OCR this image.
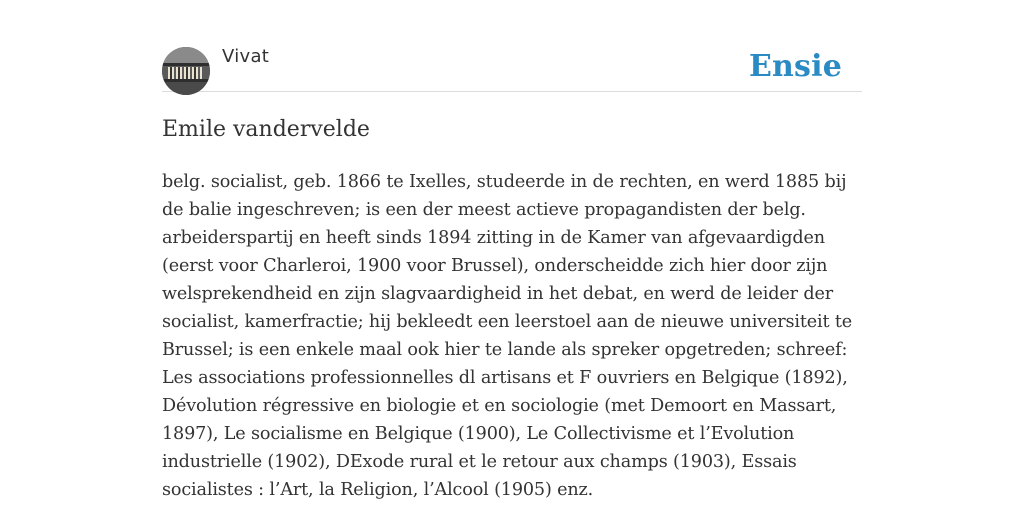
Vivat	Ensie
Emile vandervelde

belg. socialist, geb. 1866 te Ixelles, studeerde in de rechten, en werd 1885 bij de balie ingeschreven; is een der meest actieve propagandisten der belg. arbeiderspartij en heeft sinds 1894 zitting in de Kamer van afgevaardigden (eerst voor Charleroi, 1900 voor Brussel), onderscheidde zich hier door zijn welsprekendheid en zijn slagvaardigheid in het debat, en werd de leider der socialist, kamerfractie; hij bekleedt een leerstoel aan de nieuwe universiteit te Brussel; is een enkele maal ook hier te lande als spreker opgetreden; schreef: Les associations professionnelles dl artisans et F ouvriers en Belgique (1892), Dévolution régressive en biologie et en sociologie (met Demoort en Massart, 1897), Le socialisme en Belgique (1900), Le Collectivisme et l’Evolution industrielle (1902), DExode rural et le retour aux champs (1903), Essais socialistes : l’Art, la Religion, l’Alcool (1905) enz.
